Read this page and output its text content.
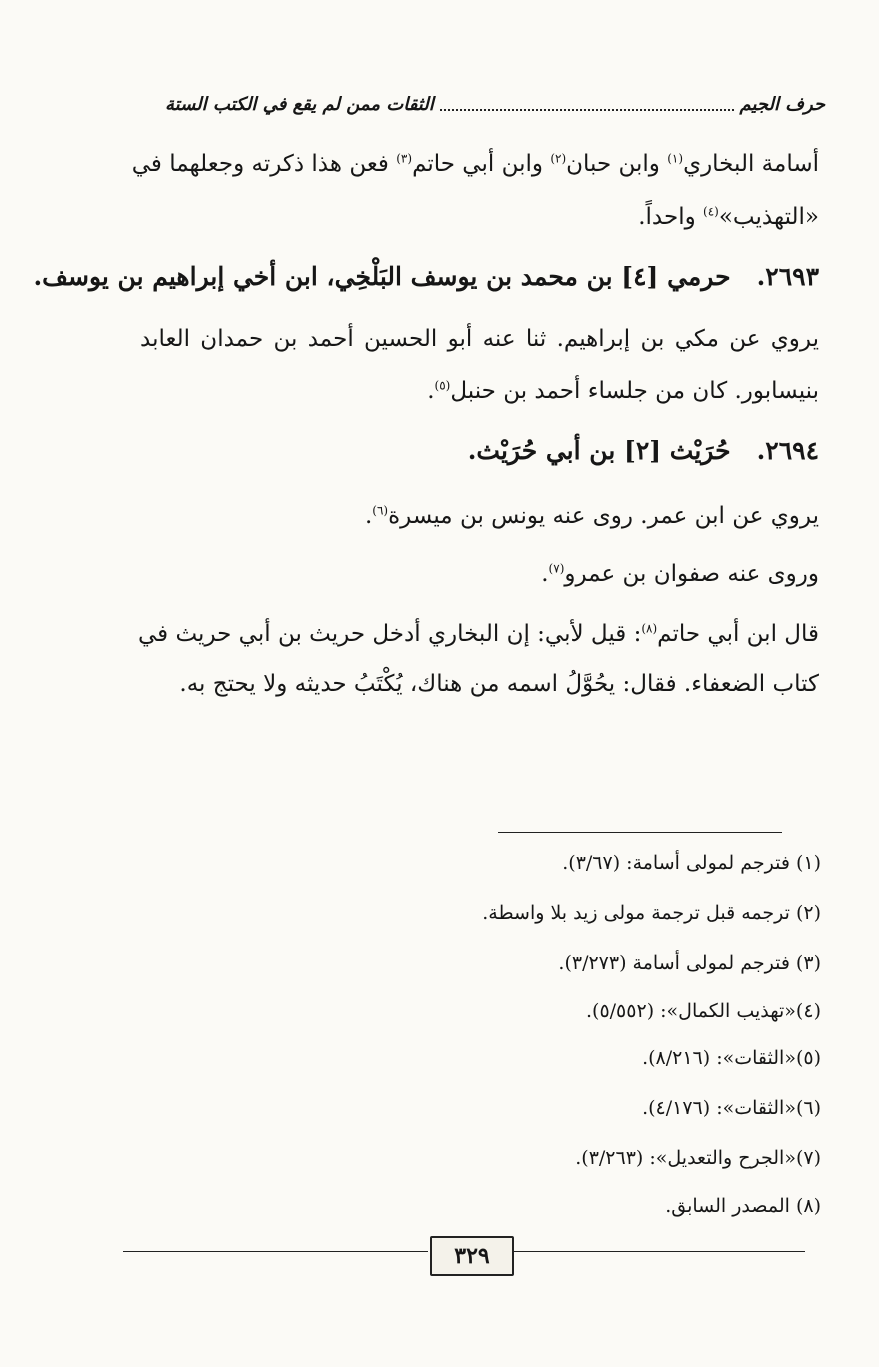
حرف الجيم
الثقات ممن لم يقع في الكتب الستة
أسامة البخاري$^{(١)}$ وابن حبان$^{(٢)}$ وابن أبي حاتم$^{(٣)}$ فعن هذا ذكرته وجعلهما في
«التهذيب»$^{(٤)}$ واحداً.
٢٦٩٣.حرمي [٤] بن محمد بن يوسف البَلْخِي، ابن أخي إبراهيم بن يوسف.
يروي عن مكي بن إبراهيم. ثنا عنه أبو الحسين أحمد بن حمدان العابد
بنيسابور. كان من جلساء أحمد بن حنبل$^{(٥)}$.
٢٦٩٤.حُرَيْث [٢] بن أبي حُرَيْث.
يروي عن ابن عمر. روى عنه يونس بن ميسرة$^{(٦)}$.
وروى عنه صفوان بن عمرو$^{(٧)}$.
قال ابن أبي حاتم$^{(٨)}$: قيل لأبي: إن البخاري أدخل حريث بن أبي حريث في
كتاب الضعفاء. فقال: يحُوَّلُ اسمه من هناك، يُكْتَبُ حديثه ولا يحتج به.
(١) فترجم لمولى أسامة: (٣/٦٧).
(٢) ترجمه قبل ترجمة مولى زيد بلا واسطة.
(٣) فترجم لمولى أسامة (٣/٢٧٣).
(٤)«تهذيب الكمال»: (٥/٥٥٢).
(٥)«الثقات»: (٨/٢١٦).
(٦)«الثقات»: (٤/١٧٦).
(٧)«الجرح والتعديل»: (٣/٢٦٣).
(٨) المصدر السابق.
٣٢٩
